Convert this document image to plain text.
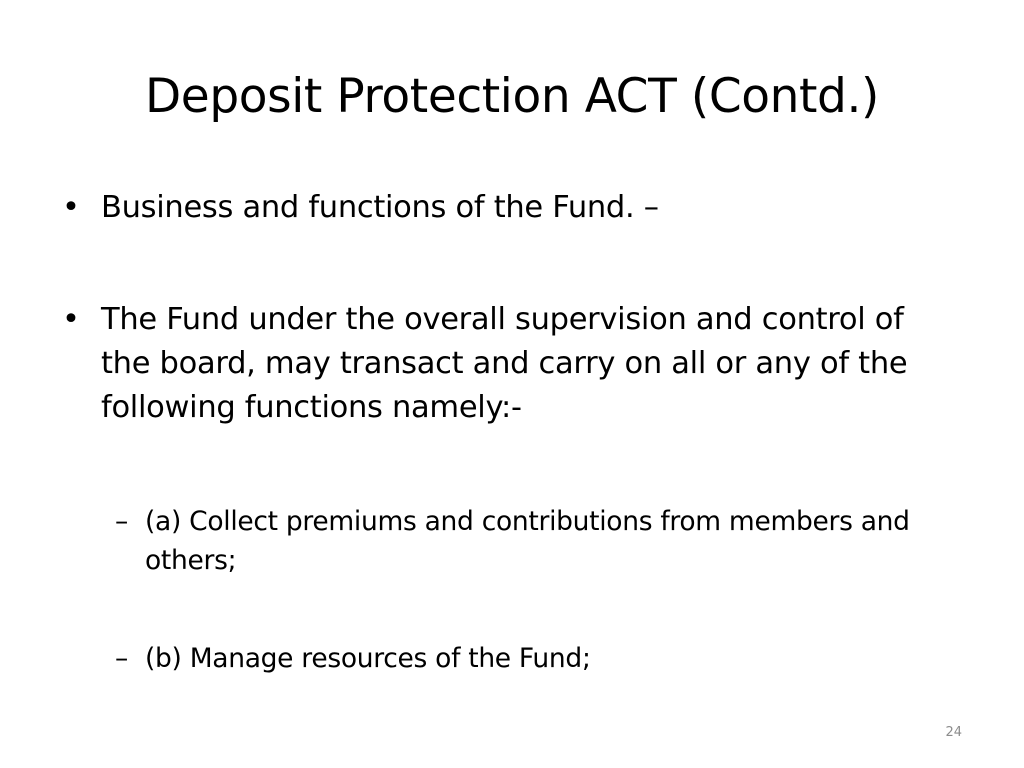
Deposit Protection ACT (Contd.)
• Business and functions of the Fund. –
• The Fund under the overall supervision and control of the board, may transact and carry on all or any of the following functions namely:-
– (a) Collect premiums and contributions from members and others;
– (b) Manage resources of the Fund;
24
